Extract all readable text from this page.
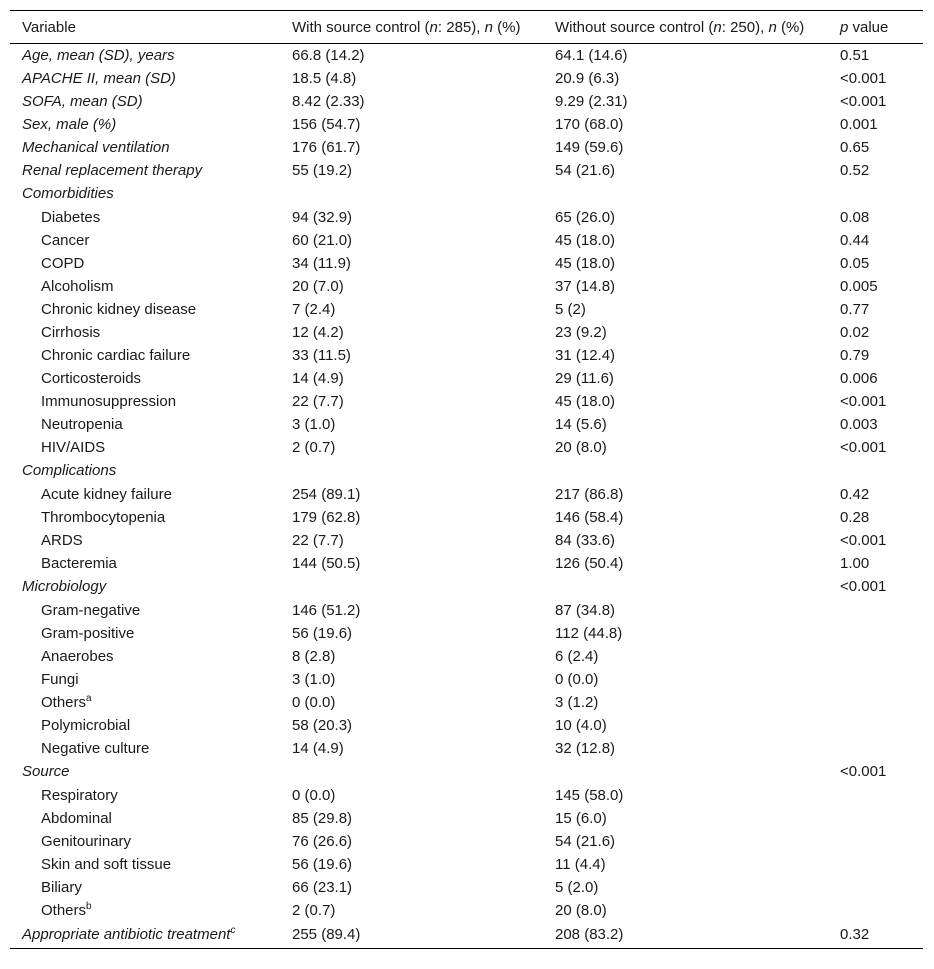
Variable	With source control (n: 285), n (%)	Without source control (n: 250), n (%)	p value
Age, mean (SD), years	66.8 (14.2)	64.1 (14.6)	0.51
APACHE II, mean (SD)	18.5 (4.8)	20.9 (6.3)	<0.001
SOFA, mean (SD)	8.42 (2.33)	9.29 (2.31)	<0.001
Sex, male (%)	156 (54.7)	170 (68.0)	0.001
Mechanical ventilation	176 (61.7)	149 (59.6)	0.65
Renal replacement therapy	55 (19.2)	54 (21.6)	0.52
Comorbidities			
Diabetes	94 (32.9)	65 (26.0)	0.08
Cancer	60 (21.0)	45 (18.0)	0.44
COPD	34 (11.9)	45 (18.0)	0.05
Alcoholism	20 (7.0)	37 (14.8)	0.005
Chronic kidney disease	7 (2.4)	5 (2)	0.77
Cirrhosis	12 (4.2)	23 (9.2)	0.02
Chronic cardiac failure	33 (11.5)	31 (12.4)	0.79
Corticosteroids	14 (4.9)	29 (11.6)	0.006
Immunosuppression	22 (7.7)	45 (18.0)	<0.001
Neutropenia	3 (1.0)	14 (5.6)	0.003
HIV/AIDS	2 (0.7)	20 (8.0)	<0.001
Complications			
Acute kidney failure	254 (89.1)	217 (86.8)	0.42
Thrombocytopenia	179 (62.8)	146 (58.4)	0.28
ARDS	22 (7.7)	84 (33.6)	<0.001
Bacteremia	144 (50.5)	126 (50.4)	1.00
Microbiology			<0.001
Gram-negative	146 (51.2)	87 (34.8)	
Gram-positive	56 (19.6)	112 (44.8)	
Anaerobes	8 (2.8)	6 (2.4)	
Fungi	3 (1.0)	0 (0.0)	
Others$^a$	0 (0.0)	3 (1.2)	
Polymicrobial	58 (20.3)	10 (4.0)	
Negative culture	14 (4.9)	32 (12.8)	
Source			<0.001
Respiratory	0 (0.0)	145 (58.0)	
Abdominal	85 (29.8)	15 (6.0)	
Genitourinary	76 (26.6)	54 (21.6)	
Skin and soft tissue	56 (19.6)	11 (4.4)	
Biliary	66 (23.1)	5 (2.0)	
Others$^b$	2 (0.7)	20 (8.0)	
Appropriate antibiotic treatment$^c$	255 (89.4)	208 (83.2)	0.32
